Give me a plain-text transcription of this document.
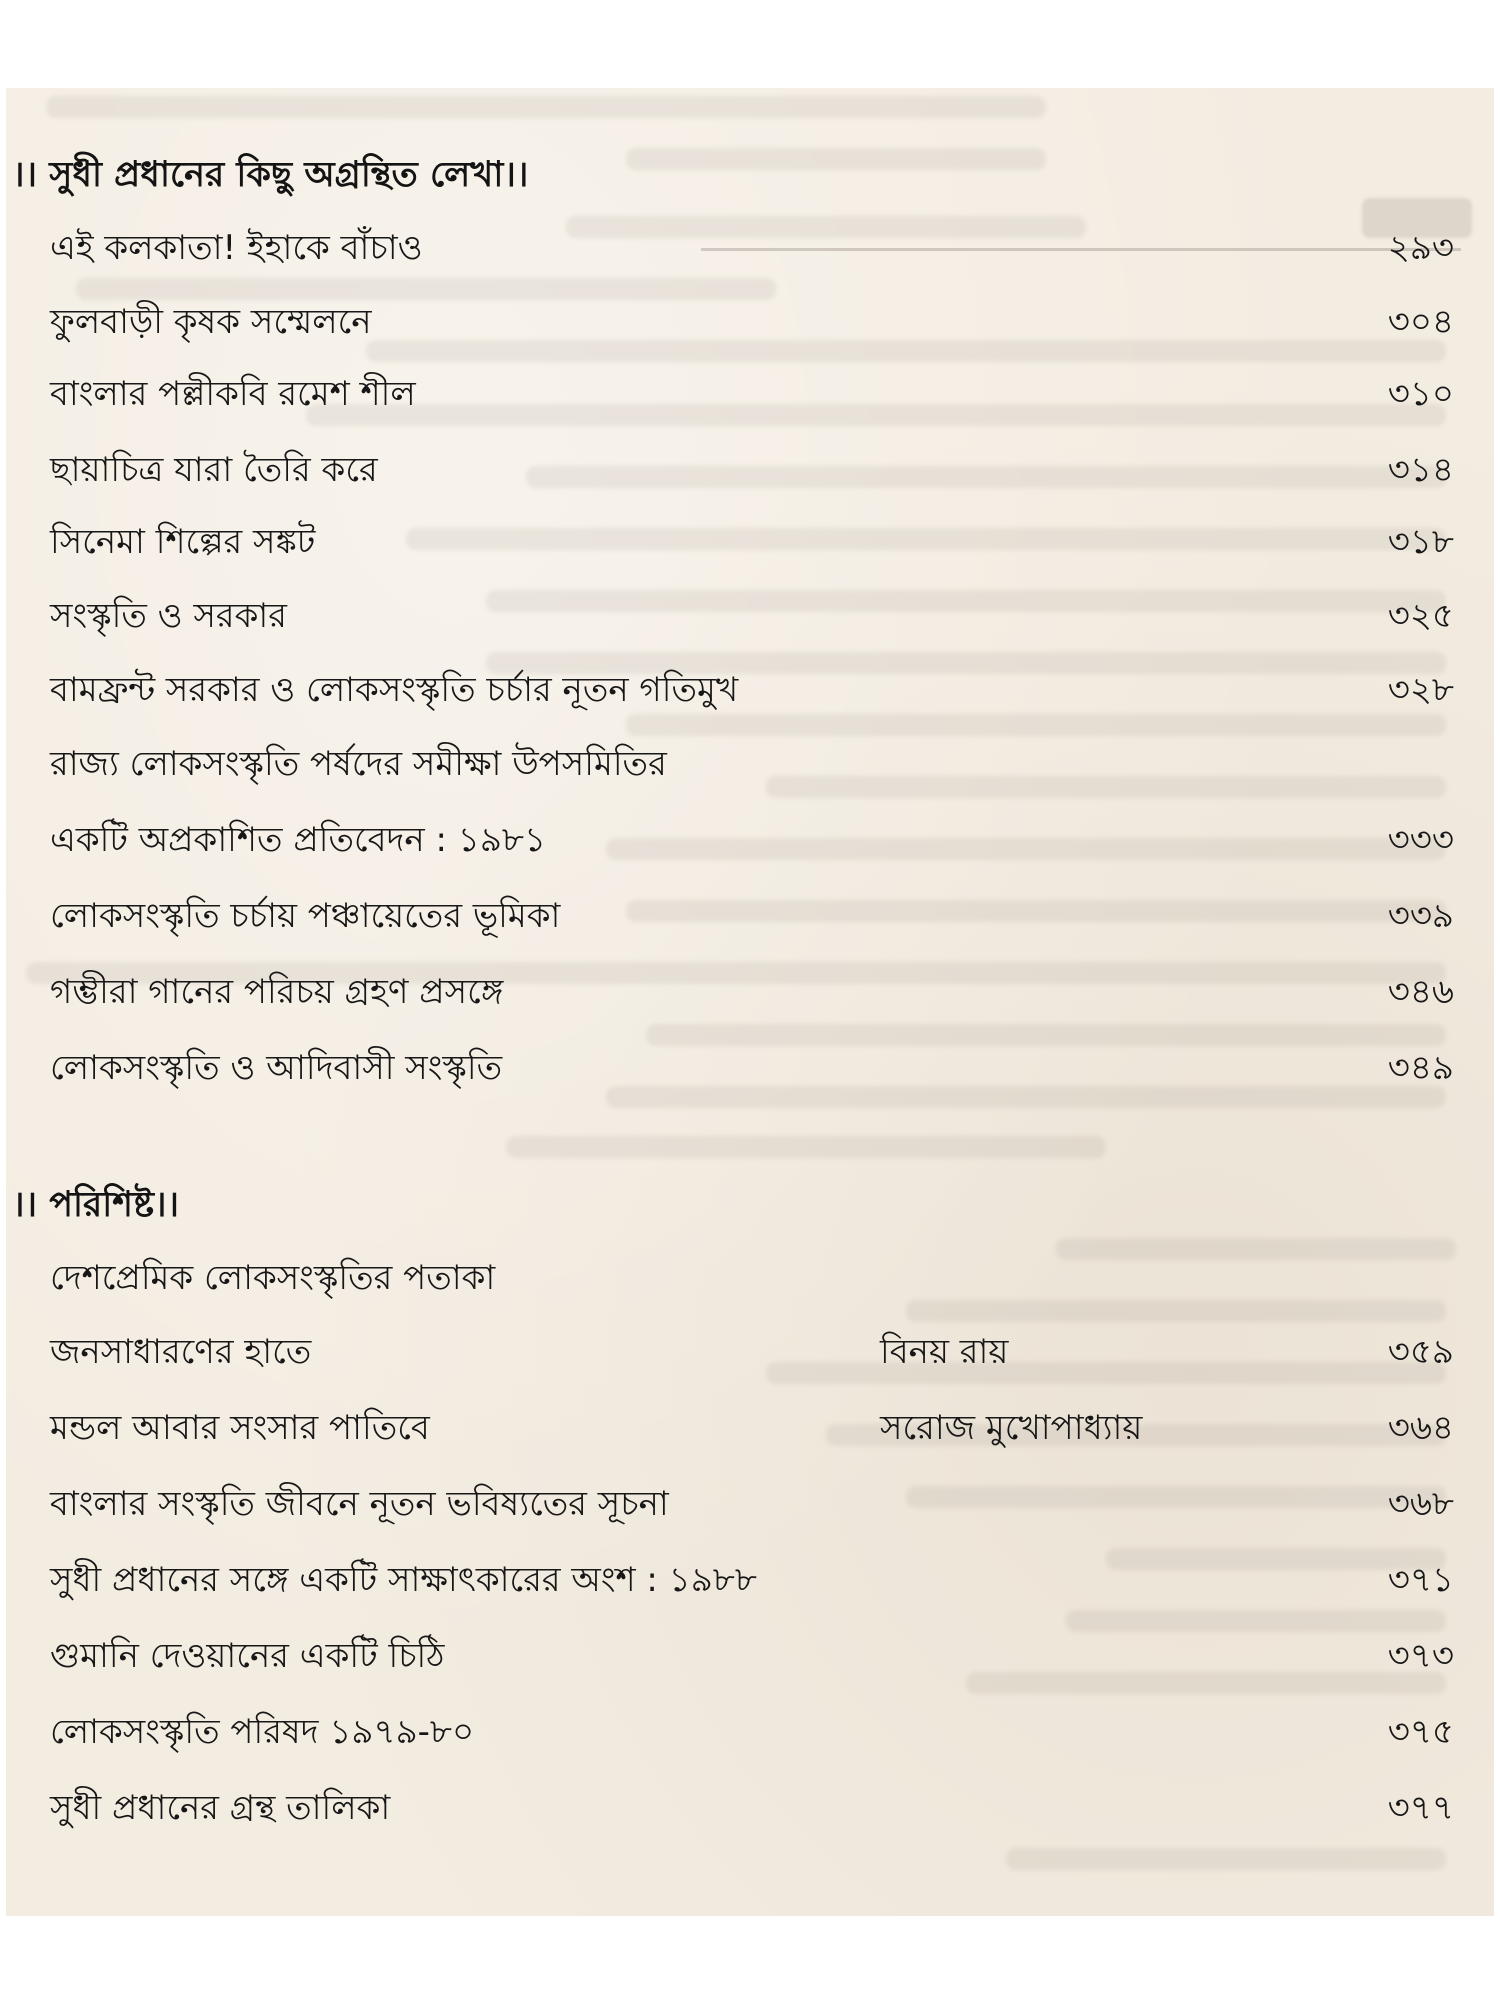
।। সুধী প্রধানের কিছু অগ্রন্থিত লেখা।।
এই কলকাতা! ইহাকে বাঁচাও	২৯৩
ফুলবাড়ী কৃষক সম্মেলনে	৩০৪
বাংলার পল্লীকবি রমেশ শীল	৩১০
ছায়াচিত্র যারা তৈরি করে	৩১৪
সিনেমা শিল্পের সঙ্কট	৩১৮
সংস্কৃতি ও সরকার	৩২৫
বামফ্রন্ট সরকার ও লোকসংস্কৃতি চর্চার নূতন গতিমুখ	৩২৮
রাজ্য লোকসংস্কৃতি পর্ষদের সমীক্ষা উপসমিতির
একটি অপ্রকাশিত প্রতিবেদন : ১৯৮১	৩৩৩
লোকসংস্কৃতি চর্চায় পঞ্চায়েতের ভূমিকা	৩৩৯
গম্ভীরা গানের পরিচয় গ্রহণ প্রসঙ্গে	৩৪৬
লোকসংস্কৃতি ও আদিবাসী সংস্কৃতি	৩৪৯
।। পরিশিষ্ট।।
দেশপ্রেমিক লোকসংস্কৃতির পতাকা
জনসাধারণের হাতে	বিনয় রায়	৩৫৯
মন্ডল আবার সংসার পাতিবে	সরোজ মুখোপাধ্যায়	৩৬৪
বাংলার সংস্কৃতি জীবনে নূতন ভবিষ্যতের সূচনা	৩৬৮
সুধী প্রধানের সঙ্গে একটি সাক্ষাৎকারের অংশ : ১৯৮৮	৩৭১
গুমানি দেওয়ানের একটি চিঠি	৩৭৩
লোকসংস্কৃতি পরিষদ ১৯৭৯-৮০	৩৭৫
সুধী প্রধানের গ্রন্থ তালিকা	৩৭৭
